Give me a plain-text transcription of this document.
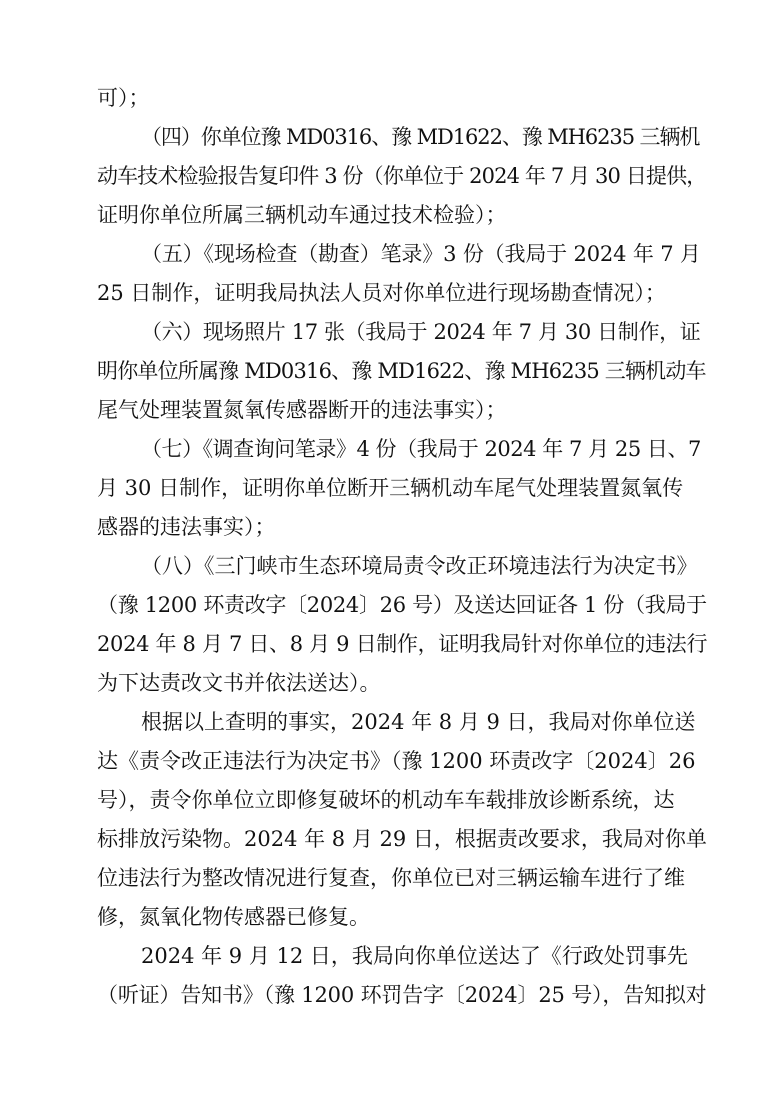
可）；

（四）你单位豫 MD0316、豫 MD1622、豫 MH6235 三辆机

动车技术检验报告复印件 3 份（你单位于 2024 年 7 月 30 日提供，

证明你单位所属三辆机动车通过技术检验）；

（五）《现场检查（勘查）笔录》3 份（我局于 2024 年 7 月

25 日制作，证明我局执法人员对你单位进行现场勘查情况）；

（六）现场照片 17 张（我局于 2024 年 7 月 30 日制作，证

明你单位所属豫 MD0316、豫 MD1622、豫 MH6235 三辆机动车

尾气处理装置氮氧传感器断开的违法事实）；

（七）《调查询问笔录》4 份（我局于 2024 年 7 月 25 日、7

月 30 日制作，证明你单位断开三辆机动车尾气处理装置氮氧传

感器的违法事实）；

（八）《三门峡市生态环境局责令改正环境违法行为决定书》

（豫 1200 环责改字〔2024〕26 号）及送达回证各 1 份（我局于

2024 年 8 月 7 日、8 月 9 日制作，证明我局针对你单位的违法行

为下达责改文书并依法送达）。

根据以上查明的事实，2024 年 8 月 9 日，我局对你单位送

达《责令改正违法行为决定书》（豫 1200 环责改字〔2024〕26

号），责令你单位立即修复破坏的机动车车载排放诊断系统，达

标排放污染物。2024 年 8 月 29 日，根据责改要求，我局对你单

位违法行为整改情况进行复查，你单位已对三辆运输车进行了维

修，氮氧化物传感器已修复。

2024 年 9 月 12 日，我局向你单位送达了《行政处罚事先

（听证）告知书》（豫 1200 环罚告字〔2024〕25 号），告知拟对
